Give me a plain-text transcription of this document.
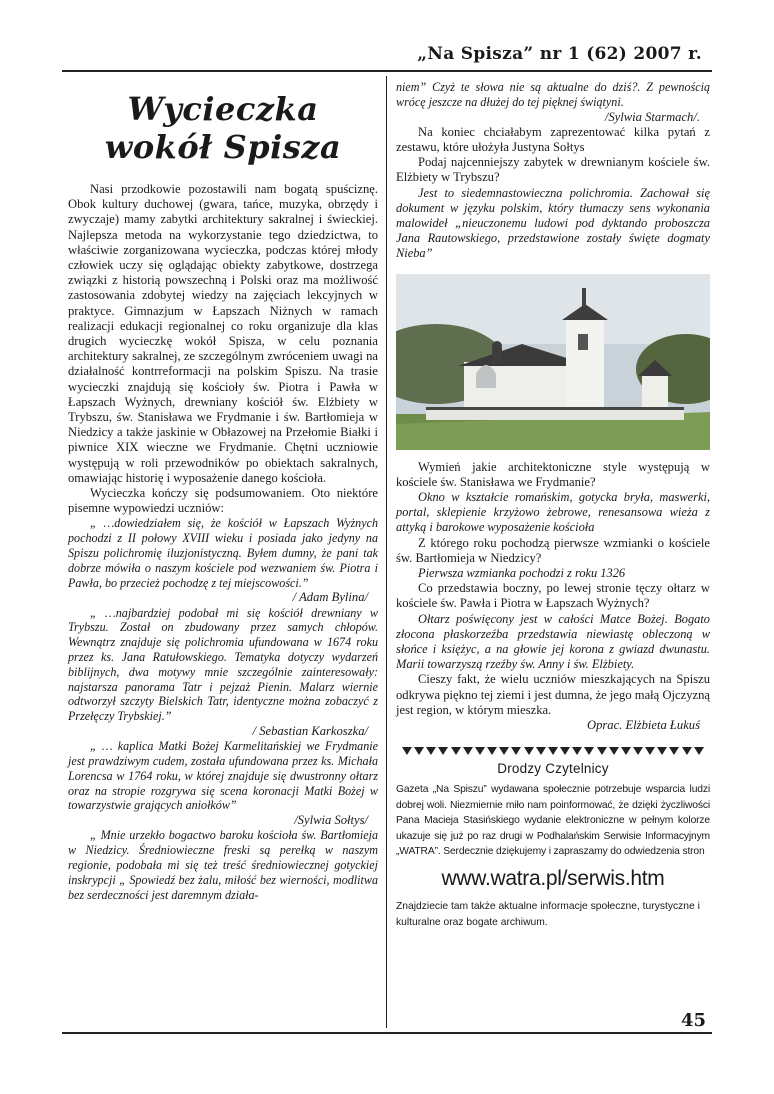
„Na Spisza” nr 1 (62) 2007 r.
Wycieczka
wokół Spisza

Nasi przodkowie pozostawili nam bogatą spuściznę. Obok kultury duchowej (gwara, tańce, muzyka, obrzędy i zwyczaje) mamy zabytki architektury sakralnej i świeckiej. Najlepsza metoda na wykorzystanie tego dziedzictwa, to właściwie zorganizowana wycieczka, podczas której młody człowiek uczy się oglądając obiekty zabytkowe, dostrzega związki z historią powszechną i Polski oraz ma możliwość zastosowania zdobytej wiedzy na zajęciach lekcyjnych w praktyce. Gimnazjum w Łapszach Niżnych w ramach realizacji edukacji regionalnej co roku organizuje dla klas drugich wycieczkę wokół Spisza, w celu poznania architektury sakralnej, ze szczególnym zwróceniem uwagi na działalność kontrreformacji na polskim Spiszu. Na trasie wycieczki znajdują się kościoły św. Piotra i Pawła w Łapszach Wyżnych, drewniany kościół św. Elżbiety w Trybszu, św. Stanisława we Frydmanie i św. Bartłomieja w Niedzicy a także jaskinie w Obłazowej na Przełomie Białki i piwnice XIX wieczne we Frydmanie. Chętni uczniowie występują w roli przewodników po obiektach sakralnych, omawiając historię i wyposażenie danego kościoła.

Wycieczka kończy się podsumowaniem. Oto niektóre pisemne wypowiedzi uczniów:

„ …dowiedziałem się, że kościół w Łapszach Wyżnych pochodzi z II połowy XVIII wieku i posiada jako jedyny na Spiszu polichromię iluzjonistyczną. Byłem dumny, że pani tak dobrze mówiła o naszym kościele pod wezwaniem św. Piotra i Pawła, bo przecież pochodzę z tej miejscowości.”

/ Adam Bylina/

„ …najbardziej podobał mi się kościół drewniany w Trybszu. Został on zbudowany przez samych chłopów. Wewnątrz znajduje się polichromia ufundowana w 1674 roku przez ks. Jana Ratułowskiego. Tematyka dotyczy wydarzeń biblijnych, dwa motywy mnie szczególnie zainteresowały: najstarsza panorama Tatr i pejzaż Pienin. Malarz wiernie odtworzył szczyty Bielskich Tatr, identyczne można zobaczyć z Przełęczy Trybskiej.”

/ Sebastian Karkoszka/

„ … kaplica Matki Bożej Karmelitańskiej we Frydmanie jest prawdziwym cudem, została ufundowana przez ks. Michała Lorencsa w 1764 roku, w której znajduje się dwustronny ołtarz oraz na stropie rozgrywa się scena koronacji Matki Bożej w towarzystwie grających aniołków”

/Sylwia Sołtys/

„ Mnie urzekło bogactwo baroku kościoła św. Bartłomieja w Niedzicy. Średniowieczne freski są perełką w naszym regionie, podobała mi się też treść średniowiecznej gotyckiej inskrypcji „ Spowiedź bez żalu, miłość bez wierności, modlitwa bez serdeczności jest daremnym działa-

niem” Czyż te słowa nie są aktualne do dziś?. Z pewnością wrócę jeszcze na dłużej do tej pięknej świątyni.

/Sylwia Starmach/.

Na koniec chciałabym zaprezentować kilka pytań z zestawu, które ułożyła Justyna Sołtys

Podaj najcenniejszy zabytek w drewnianym kościele św. Elżbiety w Trybszu?

Jest to siedemnastowieczna polichromia. Zachował się dokument w języku polskim, który tłumaczy sens wykonania malowideł „nieuczonemu ludowi pod dyktando proboszcza Jana Rautowskiego, przedstawione zostały święte dogmaty Nieba”

Wymień jakie architektoniczne style występują w kościele św. Stanisława we Frydmanie?

Okno w kształcie romańskim, gotycka bryła, maswerki, portal, sklepienie krzyżowo żebrowe, renesansowa wieża z attyką i barokowe wyposażenie kościoła

Z którego roku pochodzą pierwsze wzmianki o kościele św. Bartłomieja w Niedzicy?

Pierwsza wzmianka pochodzi z roku 1326

Co przedstawia boczny, po lewej stronie tęczy ołtarz w kościele św. Pawła i Piotra w Łapszach Wyżnych?

Ołtarz poświęcony jest w całości Matce Bożej. Bogato złocona płaskorzeźba przedstawia niewiastę obleczoną w słońce i księżyc, a na głowie jej korona z gwiazd dwunastu. Marii towarzyszą rzeźby św. Anny i św. Elżbiety.

Cieszy fakt, że wielu uczniów mieszkających na Spiszu odkrywa piękno tej ziemi i jest dumna, że jego małą Ojczyzną jest region, w którym mieszka.

Oprac. Elżbieta Łukuś

Drodzy Czytelnicy
Gazeta „Na Spiszu” wydawana społecznie potrzebuje wsparcia ludzi dobrej woli. Niezmiernie miło nam poinformować, że dzięki życzliwości Pana Macieja Stasińskiego wydanie elektroniczne w pełnym kolorze ukazuje się już po raz drugi w Podhalańskim Serwisie Informacyjnym „WATRA”. Serdecznie dziękujemy i zapraszamy do odwiedzenia stron
www.watra.pl/serwis.htm
Znajdziecie tam także aktualne informacje społeczne, turystyczne i kulturalne oraz bogate archiwum.
45
